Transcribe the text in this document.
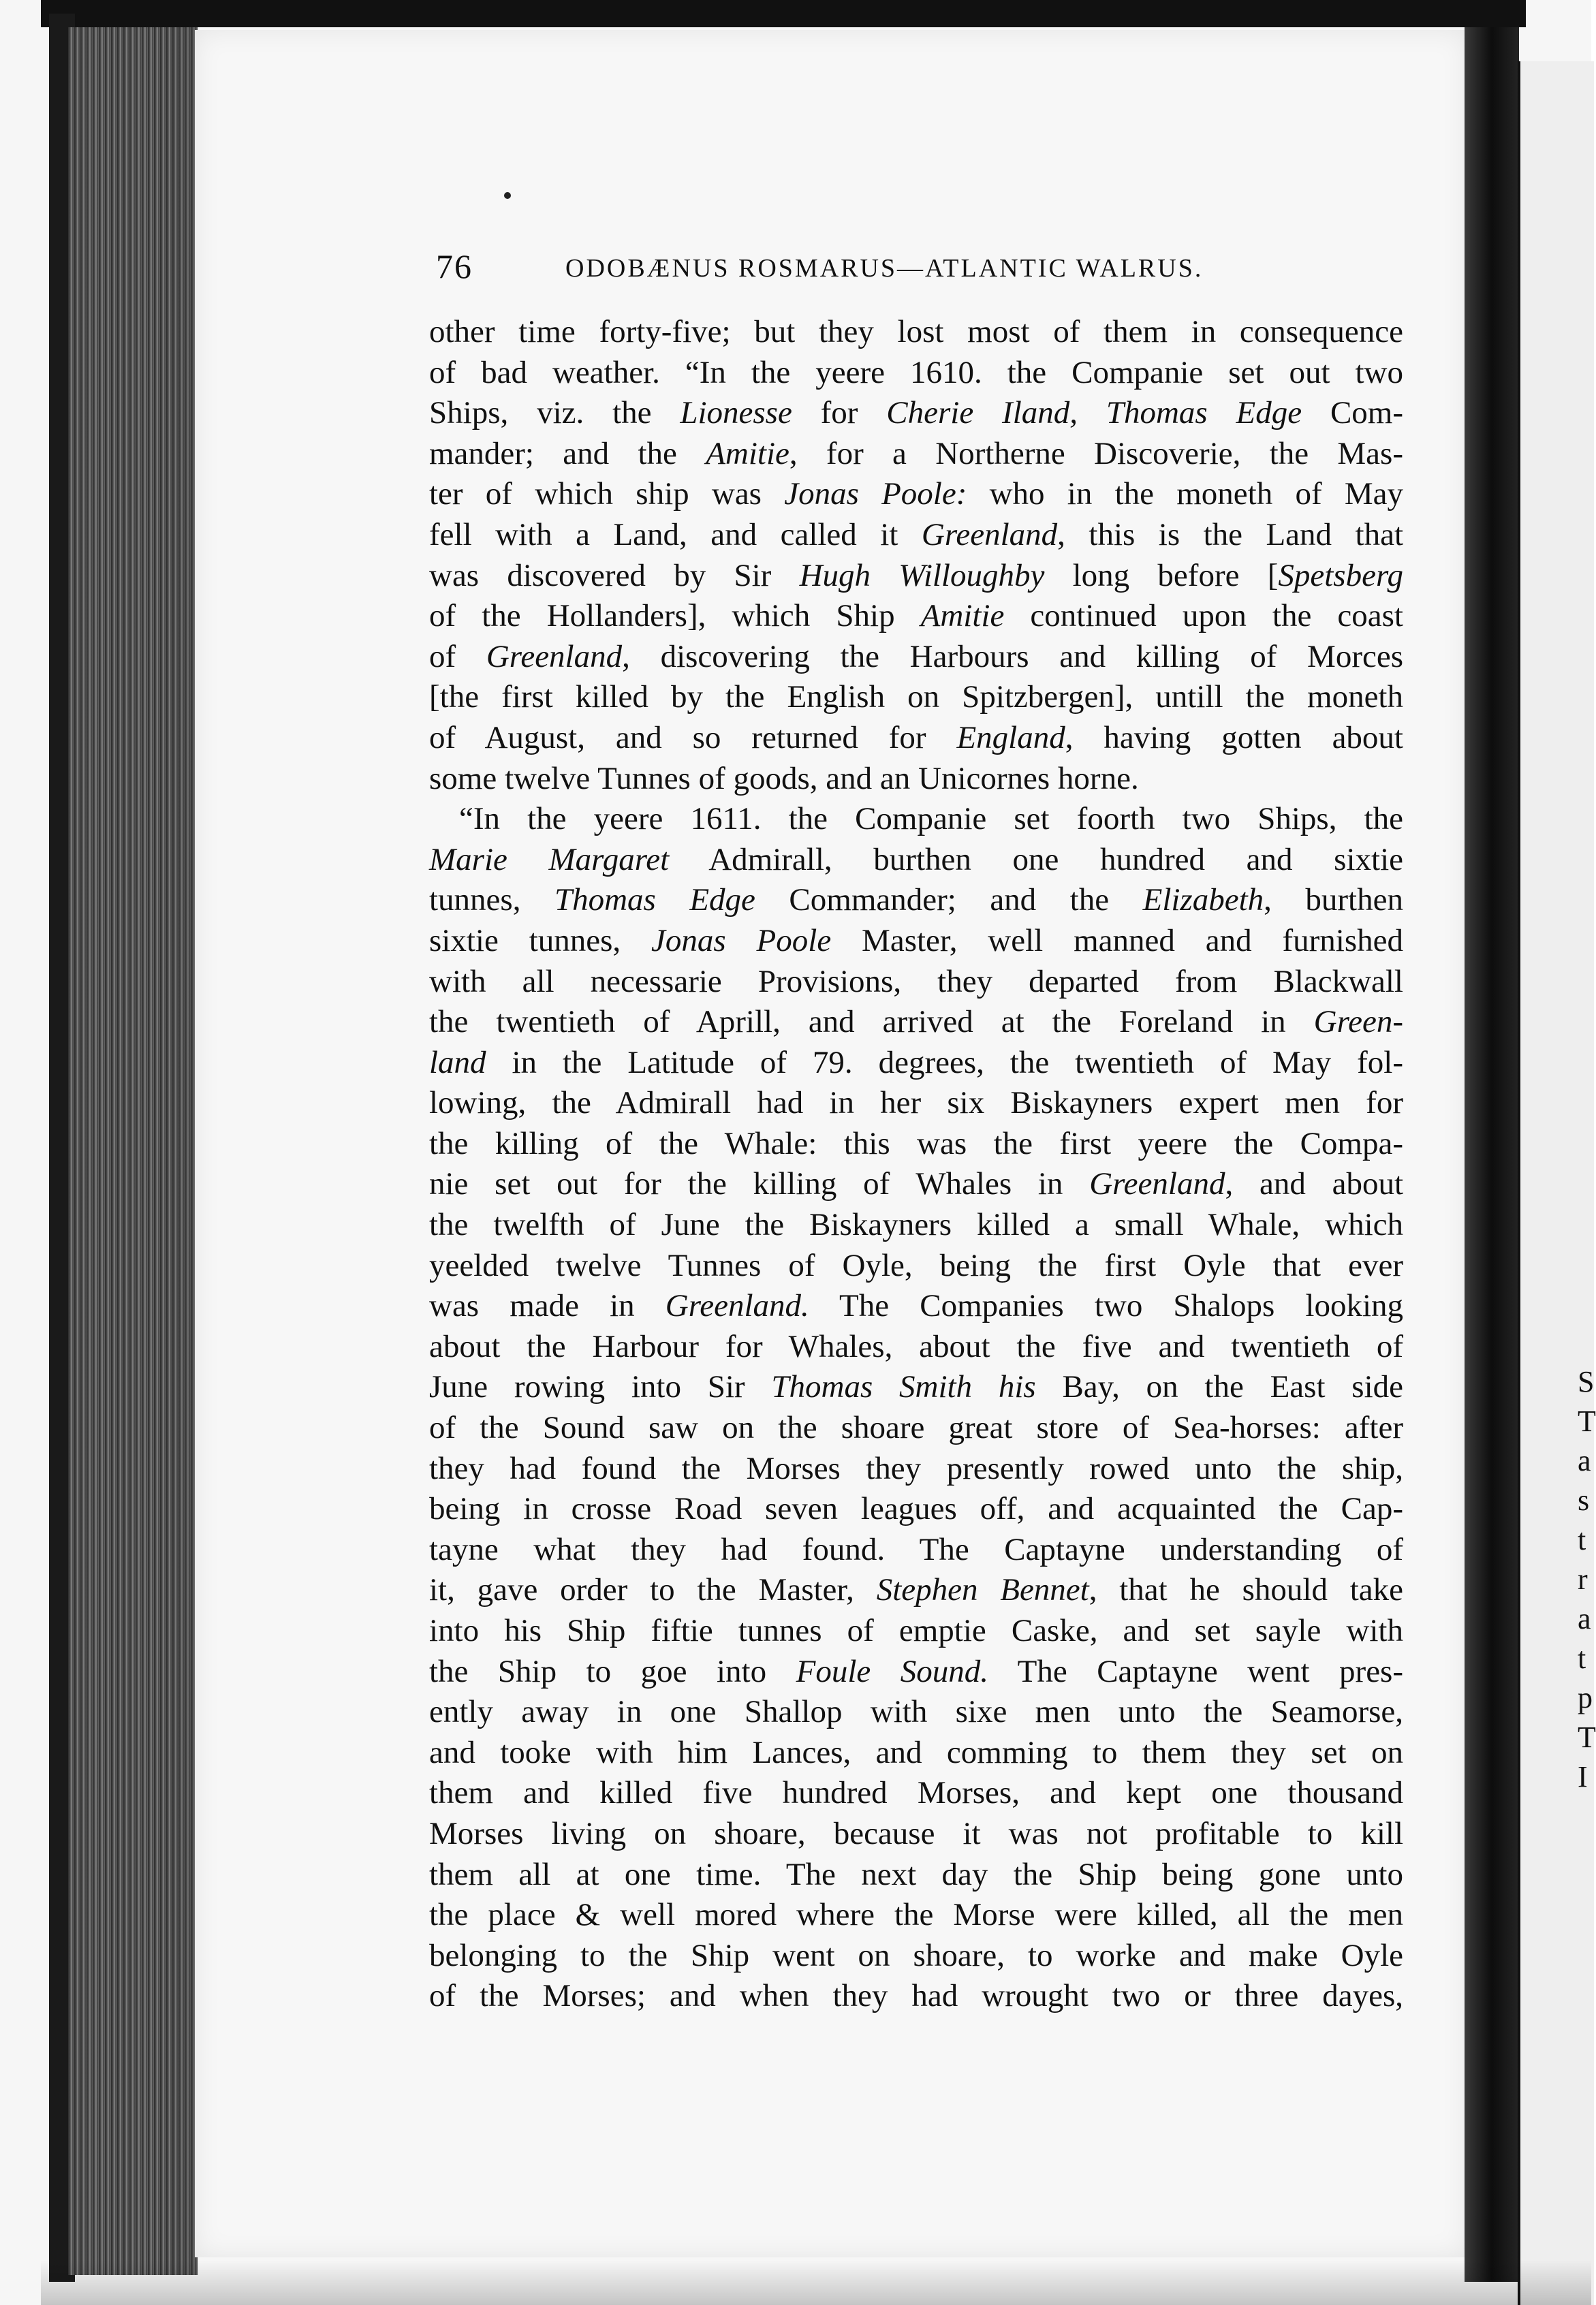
S
T
a
s
t
r
a
t
p
T
I
76	ODOBÆNUS ROSMARUS—ATLANTIC WALRUS.
other time forty-five; but they lost most of them in consequence
of bad weather. “In the yeere 1610. the Companie set out two
Ships, viz. the Lionesse for Cherie Iland, Thomas Edge Com-
mander; and the Amitie, for a Northerne Discoverie, the Mas-
ter of which ship was Jonas Poole: who in the moneth of May
fell with a Land, and called it Greenland, this is the Land that
was discovered by Sir Hugh Willoughby long before [Spetsberg
of the Hollanders], which Ship Amitie continued upon the coast
of Greenland, discovering the Harbours and killing of Morces
[the first killed by the English on Spitzbergen], untill the moneth
of August, and so returned for England, having gotten about
some twelve Tunnes of goods, and an Unicornes horne.
“In the yeere 1611. the Companie set foorth two Ships, the
Marie Margaret Admirall, burthen one hundred and sixtie
tunnes, Thomas Edge Commander; and the Elizabeth, burthen
sixtie tunnes, Jonas Poole Master, well manned and furnished
with all necessarie Provisions, they departed from Blackwall
the twentieth of Aprill, and arrived at the Foreland in Green-
land in the Latitude of 79. degrees, the twentieth of May fol-
lowing, the Admirall had in her six Biskayners expert men for
the killing of the Whale: this was the first yeere the Compa-
nie set out for the killing of Whales in Greenland, and about
the twelfth of June the Biskayners killed a small Whale, which
yeelded twelve Tunnes of Oyle, being the first Oyle that ever
was made in Greenland. The Companies two Shalops looking
about the Harbour for Whales, about the five and twentieth of
June rowing into Sir Thomas Smith his Bay, on the East side
of the Sound saw on the shoare great store of Sea-horses: after
they had found the Morses they presently rowed unto the ship,
being in crosse Road seven leagues off, and acquainted the Cap-
tayne what they had found. The Captayne understanding of
it, gave order to the Master, Stephen Bennet, that he should take
into his Ship fiftie tunnes of emptie Caske, and set sayle with
the Ship to goe into Foule Sound. The Captayne went pres-
ently away in one Shallop with sixe men unto the Seamorse,
and tooke with him Lances, and comming to them they set on
them and killed five hundred Morses, and kept one thousand
Morses living on shoare, because it was not profitable to kill
them all at one time. The next day the Ship being gone unto
the place & well mored where the Morse were killed, all the men
belonging to the Ship went on shoare, to worke and make Oyle
of the Morses; and when they had wrought two or three dayes,
